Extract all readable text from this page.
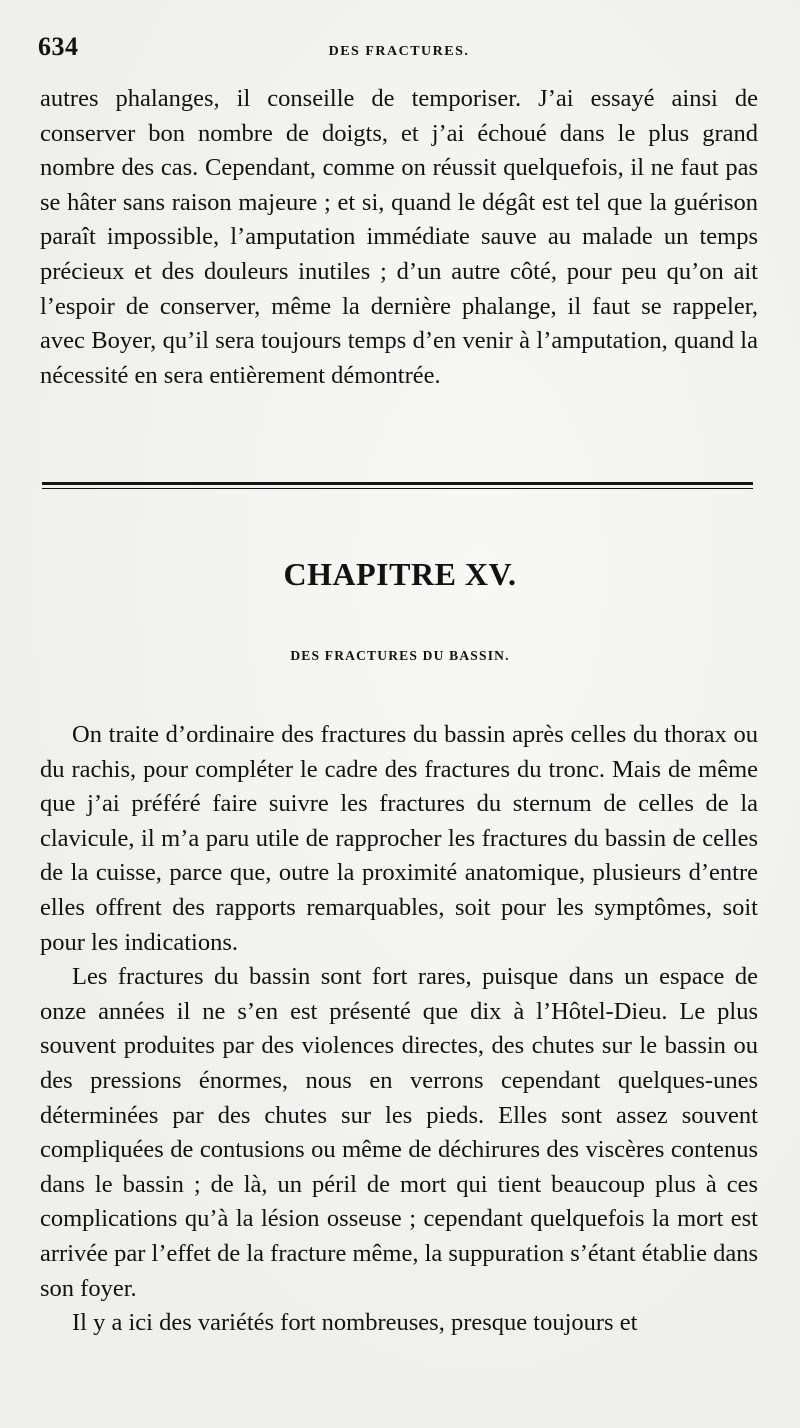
634	DES FRACTURES.

autres phalanges, il conseille de temporiser. J’ai essayé ainsi de conserver bon nombre de doigts, et j’ai échoué dans le plus grand nombre des cas. Cependant, comme on réussit quelquefois, il ne faut pas se hâter sans raison majeure ; et si, quand le dégât est tel que la guérison paraît impossible, l’amputation immédiate sauve au malade un temps précieux et des douleurs inutiles ; d’un autre côté, pour peu qu’on ait l’espoir de conserver, même la dernière phalange, il faut se rappeler, avec Boyer, qu’il sera toujours temps d’en venir à l’amputation, quand la nécessité en sera entièrement démontrée.

CHAPITRE XV.
DES FRACTURES DU BASSIN.

On traite d’ordinaire des fractures du bassin après celles du thorax ou du rachis, pour compléter le cadre des fractures du tronc. Mais de même que j’ai préféré faire suivre les fractures du sternum de celles de la clavicule, il m’a paru utile de rapprocher les fractures du bassin de celles de la cuisse, parce que, outre la proximité anatomique, plusieurs d’entre elles offrent des rapports remarquables, soit pour les symptômes, soit pour les indications.

Les fractures du bassin sont fort rares, puisque dans un espace de onze années il ne s’en est présenté que dix à l’Hôtel-Dieu. Le plus souvent produites par des violences directes, des chutes sur le bassin ou des pressions énormes, nous en verrons cependant quelques-unes déterminées par des chutes sur les pieds. Elles sont assez souvent compliquées de contusions ou même de déchirures des viscères contenus dans le bassin ; de là, un péril de mort qui tient beaucoup plus à ces complications qu’à la lésion osseuse ; cependant quelquefois la mort est arrivée par l’effet de la fracture même, la suppuration s’étant établie dans son foyer.

Il y a ici des variétés fort nombreuses, presque toujours et
